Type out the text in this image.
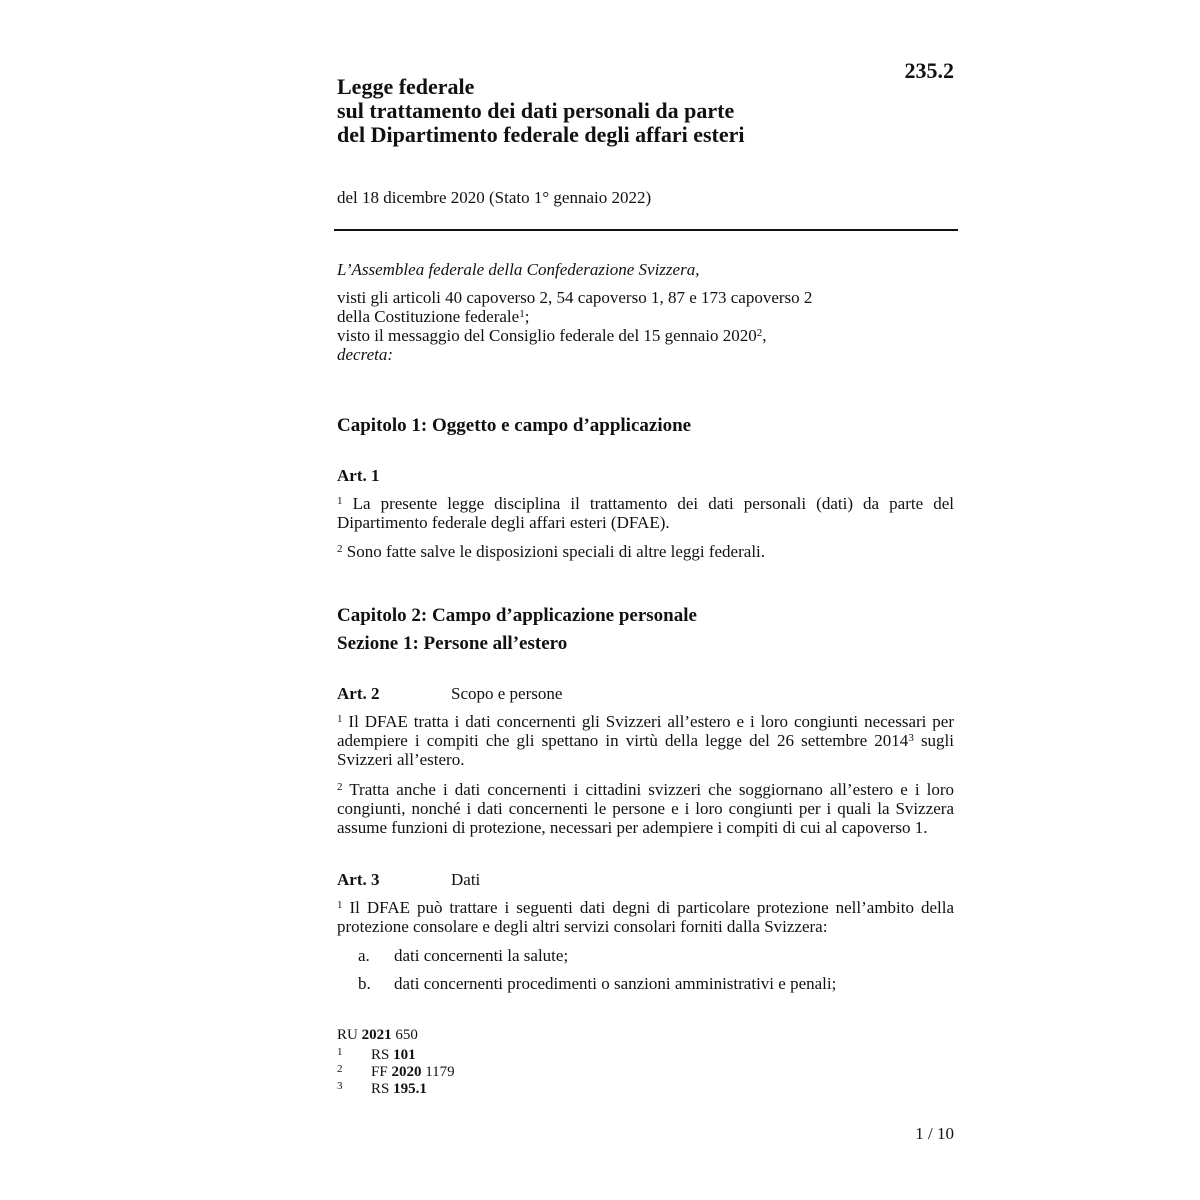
235.2
Legge federale
sul trattamento dei dati personali da parte
del Dipartimento federale degli affari esteri
del 18 dicembre 2020 (Stato 1° gennaio 2022)
L’Assemblea federale della Confederazione Svizzera,
visti gli articoli 40 capoverso 2, 54 capoverso 1, 87 e 173 capoverso 2
della Costituzione federale$^1$;
visto il messaggio del Consiglio federale del 15 gennaio 2020$^2$,
decreta:
Capitolo 1: Oggetto e campo d’applicazione
Art. 1
$^1$ La presente legge disciplina il trattamento dei dati personali (dati) da parte del Dipartimento federale degli affari esteri (DFAE).
$^2$ Sono fatte salve le disposizioni speciali di altre leggi federali.
Capitolo 2: Campo d’applicazione personale
Sezione 1: Persone all’estero
Art. 2	Scopo e persone
$^1$ Il DFAE tratta i dati concernenti gli Svizzeri all’estero e i loro congiunti necessari per adempiere i compiti che gli spettano in virtù della legge del 26 settembre 2014$^3$ sugli Svizzeri all’estero.
$^2$ Tratta anche i dati concernenti i cittadini svizzeri che soggiornano all’estero e i loro congiunti, nonché i dati concernenti le persone e i loro congiunti per i quali la Svizzera assume funzioni di protezione, necessari per adempiere i compiti di cui al capoverso 1.
Art. 3	Dati
$^1$ Il DFAE può trattare i seguenti dati degni di particolare protezione nell’ambito della protezione consolare e degli altri servizi consolari forniti dalla Svizzera:
a. dati concernenti la salute;
b. dati concernenti procedimenti o sanzioni amministrativi e penali;
RU 2021 650
1 RS 101
2 FF 2020 1179
3 RS 195.1
1 / 10
